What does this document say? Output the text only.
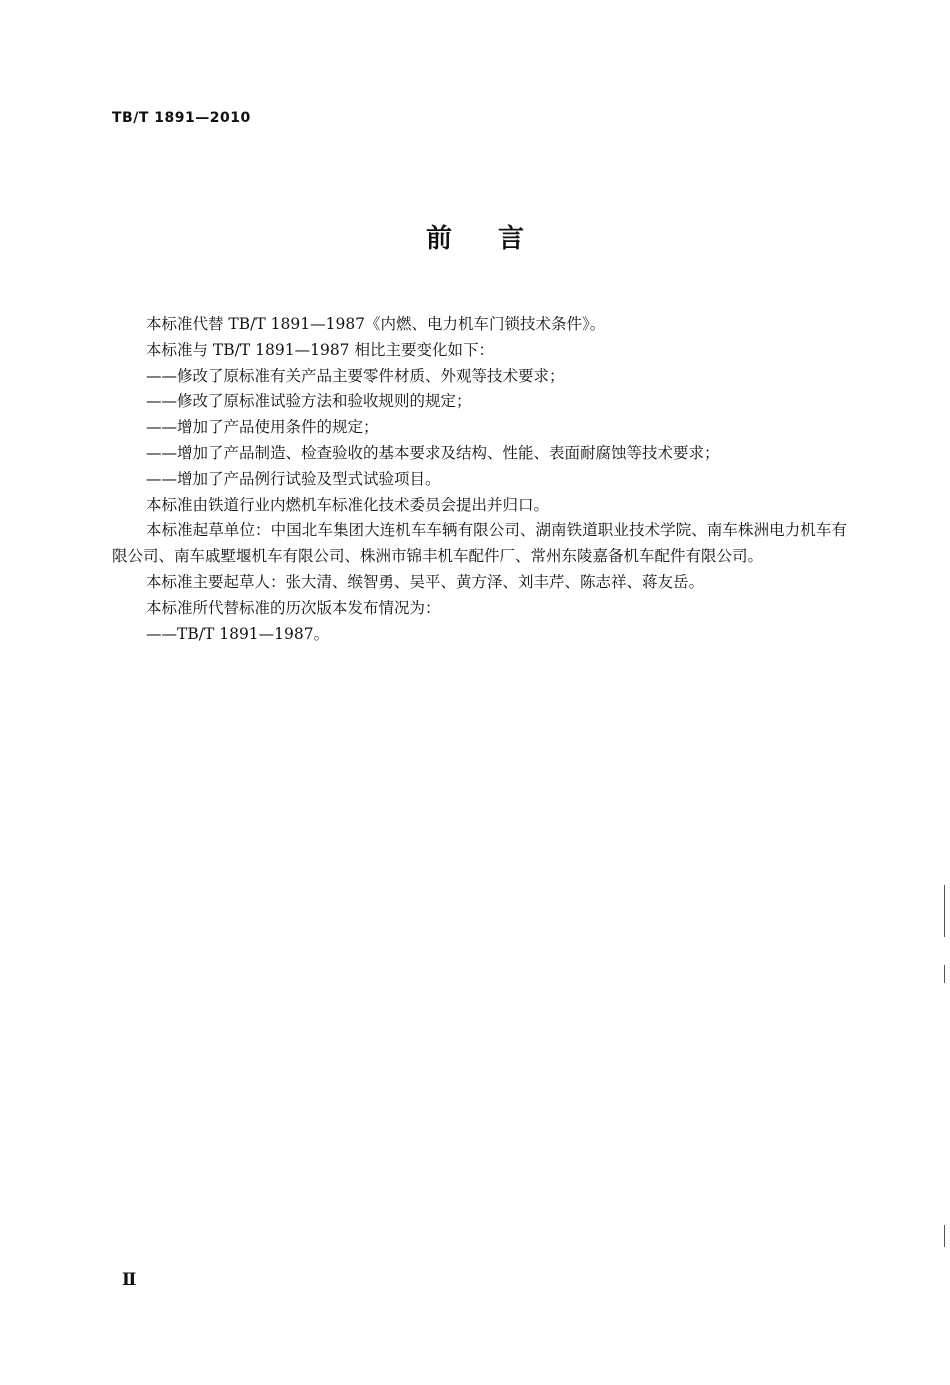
TB/T 1891—2010
前言

本标准代替 TB/T 1891—1987《内燃、电力机车门锁技术条件》。

本标准与 TB/T 1891—1987 相比主要变化如下：

——修改了原标准有关产品主要零件材质、外观等技术要求；

——修改了原标准试验方法和验收规则的规定；

——增加了产品使用条件的规定；

——增加了产品制造、检查验收的基本要求及结构、性能、表面耐腐蚀等技术要求；

——增加了产品例行试验及型式试验项目。

本标准由铁道行业内燃机车标准化技术委员会提出并归口。

本标准起草单位：中国北车集团大连机车车辆有限公司、湖南铁道职业技术学院、南车株洲电力机车有限公司、南车戚墅堰机车有限公司、株洲市锦丰机车配件厂、常州东陵嘉备机车配件有限公司。

本标准主要起草人：张大清、缑智勇、吴平、黄方泽、刘丰芹、陈志祥、蒋友岳。

本标准所代替标准的历次版本发布情况为：

——TB/T 1891—1987。

Ⅱ
